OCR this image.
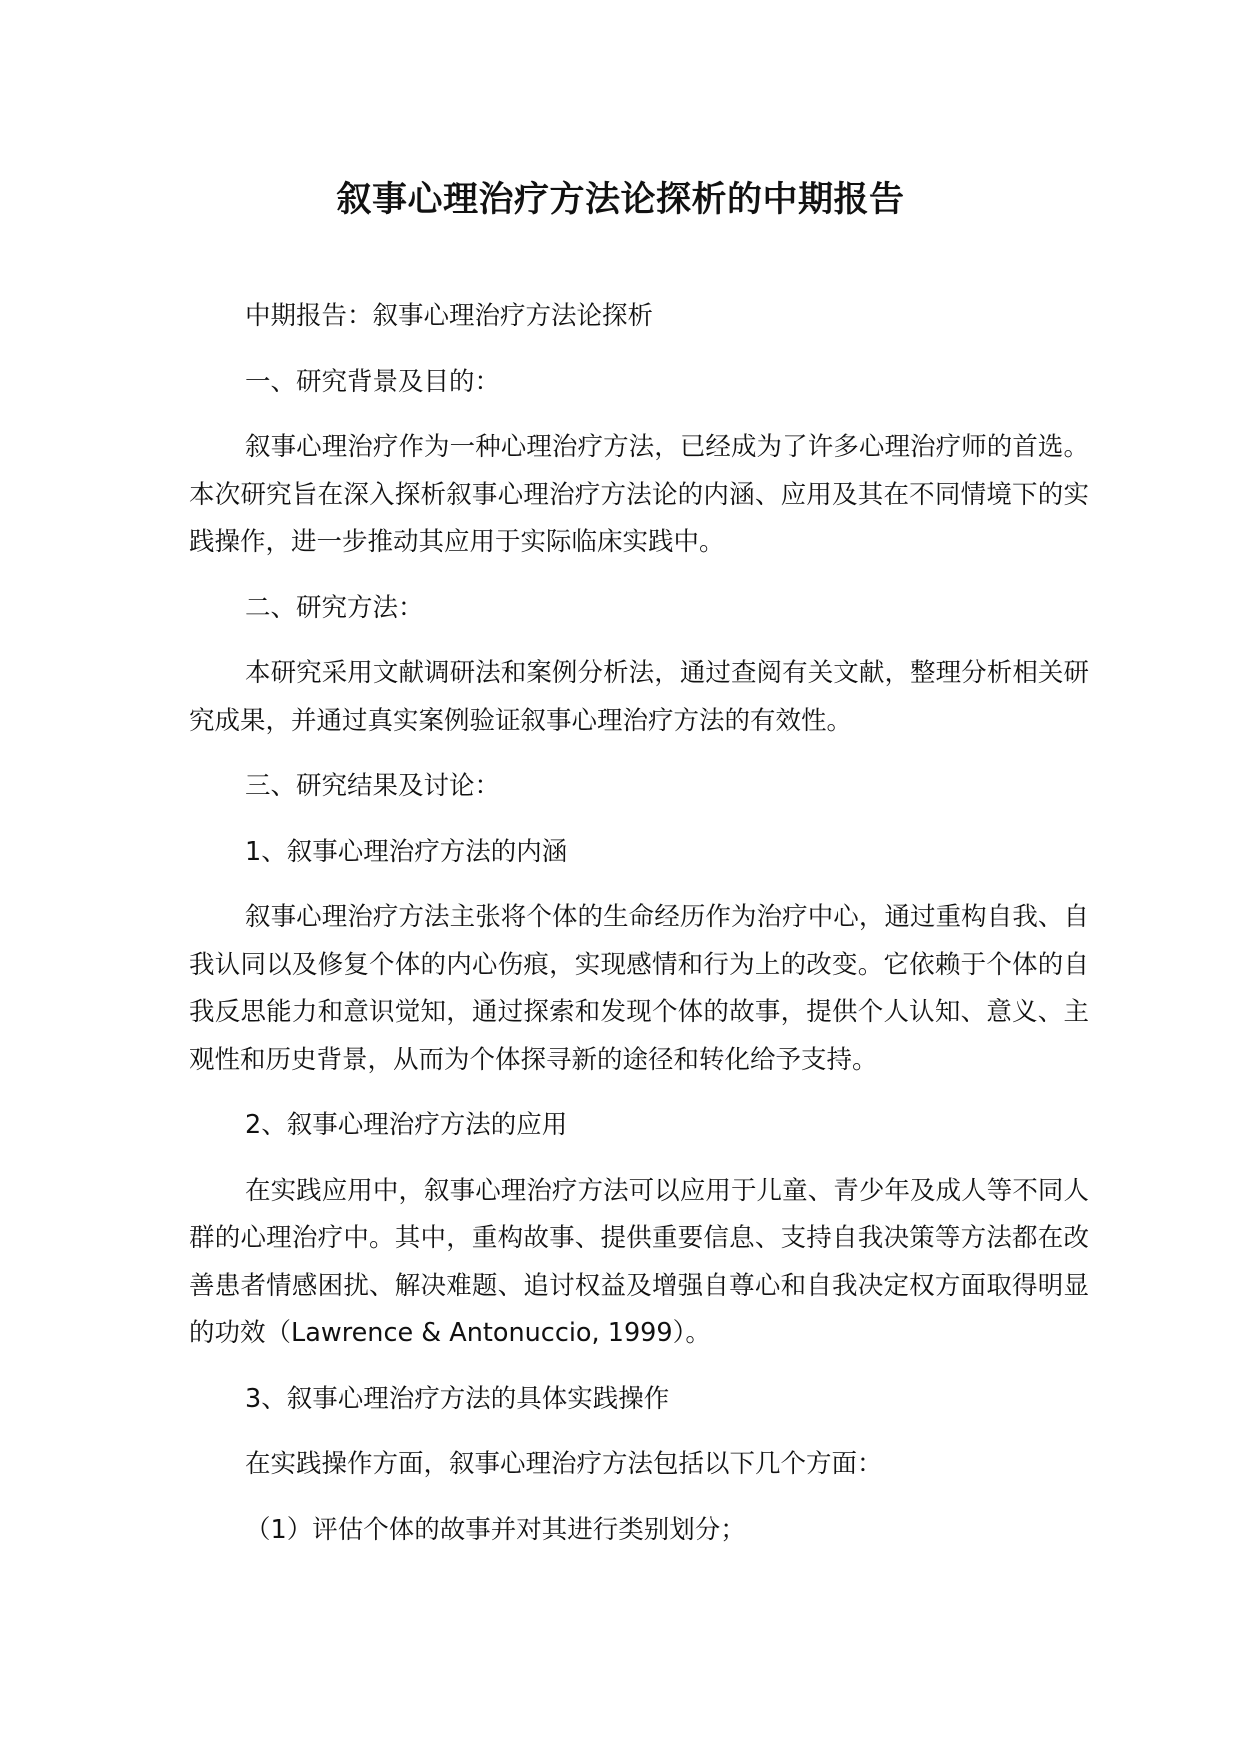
叙事心理治疗方法论探析的中期报告

中期报告：叙事心理治疗方法论探析

一、研究背景及目的：

叙事心理治疗作为一种心理治疗方法，已经成为了许多心理治疗师的首选。本次研究旨在深入探析叙事心理治疗方法论的内涵、应用及其在不同情境下的实践操作，进一步推动其应用于实际临床实践中。

二、研究方法：

本研究采用文献调研法和案例分析法，通过查阅有关文献，整理分析相关研究成果，并通过真实案例验证叙事心理治疗方法的有效性。

三、研究结果及讨论：

1、叙事心理治疗方法的内涵

叙事心理治疗方法主张将个体的生命经历作为治疗中心，通过重构自我、自我认同以及修复个体的内心伤痕，实现感情和行为上的改变。它依赖于个体的自我反思能力和意识觉知，通过探索和发现个体的故事，提供个人认知、意义、主观性和历史背景，从而为个体探寻新的途径和转化给予支持。

2、叙事心理治疗方法的应用

在实践应用中，叙事心理治疗方法可以应用于儿童、青少年及成人等不同人群的心理治疗中。其中，重构故事、提供重要信息、支持自我决策等方法都在改善患者情感困扰、解决难题、追讨权益及增强自尊心和自我决定权方面取得明显的功效（Lawrence & Antonuccio, 1999）。

3、叙事心理治疗方法的具体实践操作

在实践操作方面，叙事心理治疗方法包括以下几个方面：

（1）评估个体的故事并对其进行类别划分；
